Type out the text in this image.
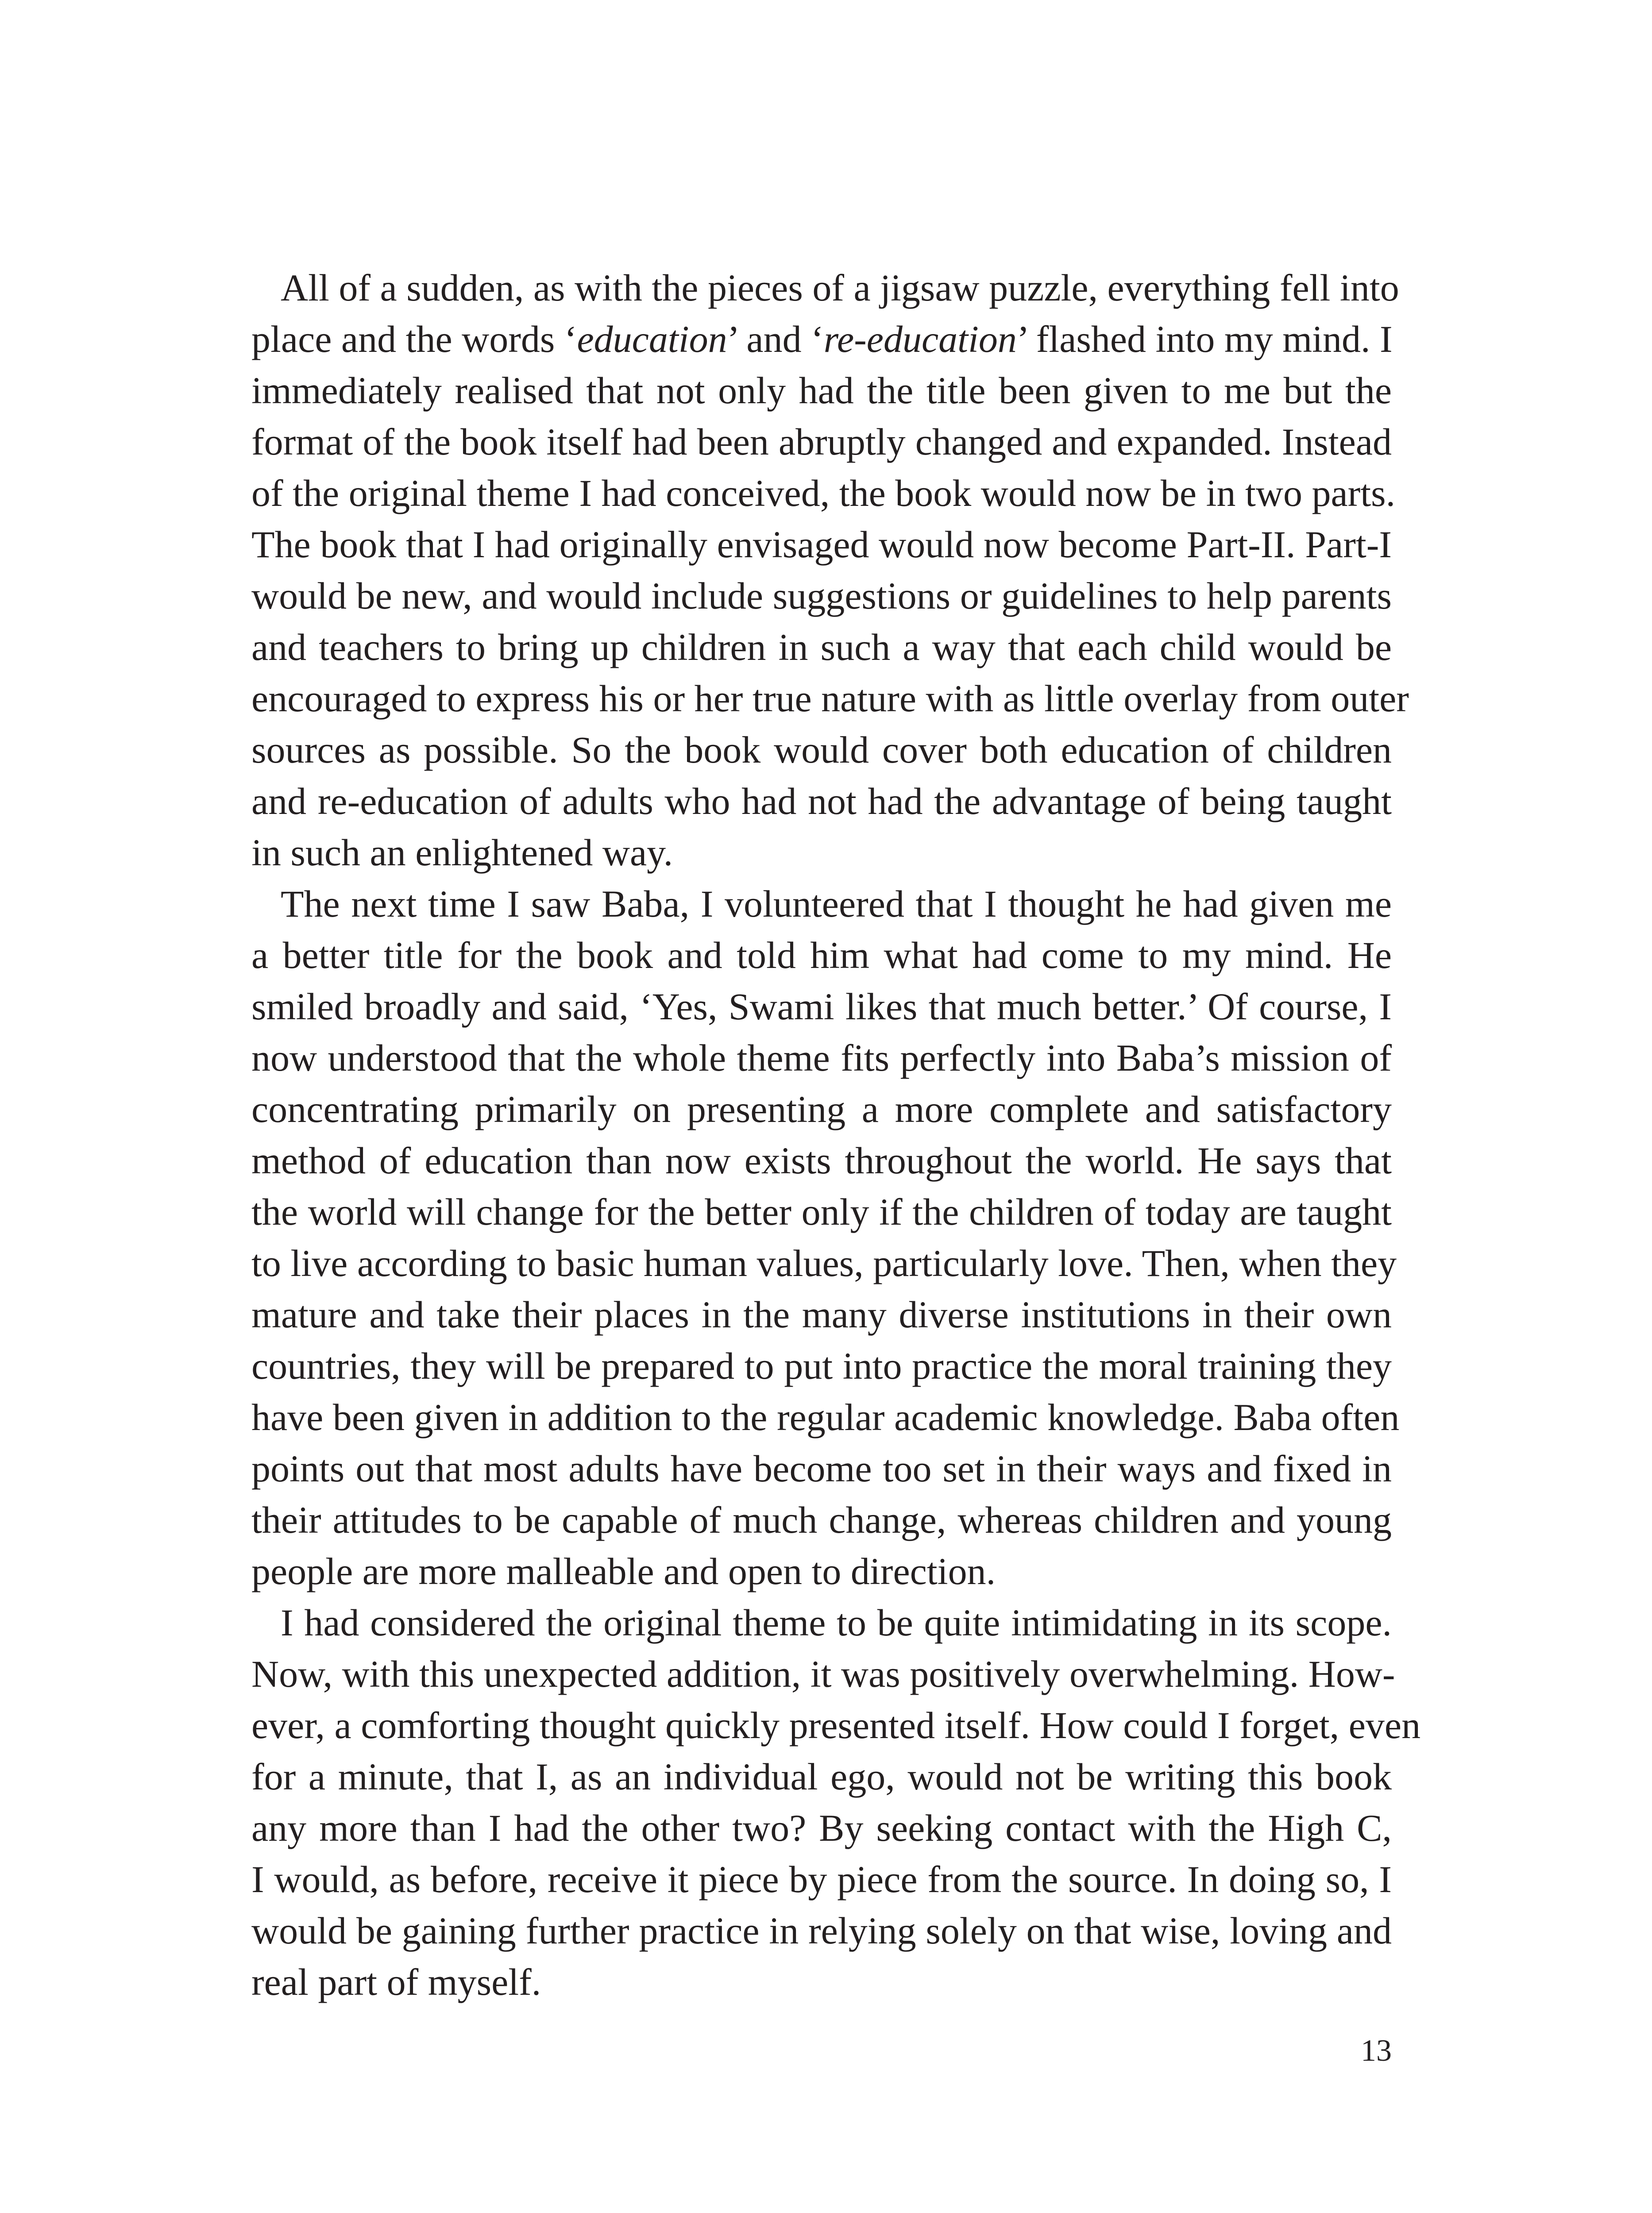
All of a sudden, as with the pieces of a jigsaw puzzle, everything fell into
place and the words ‘education’ and ‘re-education’ flashed into my mind. I
immediately realised that not only had the title been given to me but the
format of the book itself had been abruptly changed and expanded. Instead
of the original theme I had conceived, the book would now be in two parts.
The book that I had originally envisaged would now become Part-II. Part-I
would be new, and would include suggestions or guidelines to help parents
and teachers to bring up children in such a way that each child would be
encouraged to express his or her true nature with as little overlay from outer
sources as possible. So the book would cover both education of children
and re-education of adults who had not had the advantage of being taught
in such an enlightened way.
The next time I saw Baba, I volunteered that I thought he had given me
a better title for the book and told him what had come to my mind. He
smiled broadly and said, ‘Yes, Swami likes that much better.’ Of course, I
now understood that the whole theme fits perfectly into Baba’s mission of
concentrating primarily on presenting a more complete and satisfactory
method of education than now exists throughout the world. He says that
the world will change for the better only if the children of today are taught
to live according to basic human values, particularly love. Then, when they
mature and take their places in the many diverse institutions in their own
countries, they will be prepared to put into practice the moral training they
have been given in addition to the regular academic knowledge. Baba often
points out that most adults have become too set in their ways and fixed in
their attitudes to be capable of much change, whereas children and young
people are more malleable and open to direction.
I had considered the original theme to be quite intimidating in its scope.
Now, with this unexpected addition, it was positively overwhelming. How-
ever, a comforting thought quickly presented itself. How could I forget, even
for a minute, that I, as an individual ego, would not be writing this book
any more than I had the other two? By seeking contact with the High C,
I would, as before, receive it piece by piece from the source. In doing so, I
would be gaining further practice in relying solely on that wise, loving and
real part of myself.
13
